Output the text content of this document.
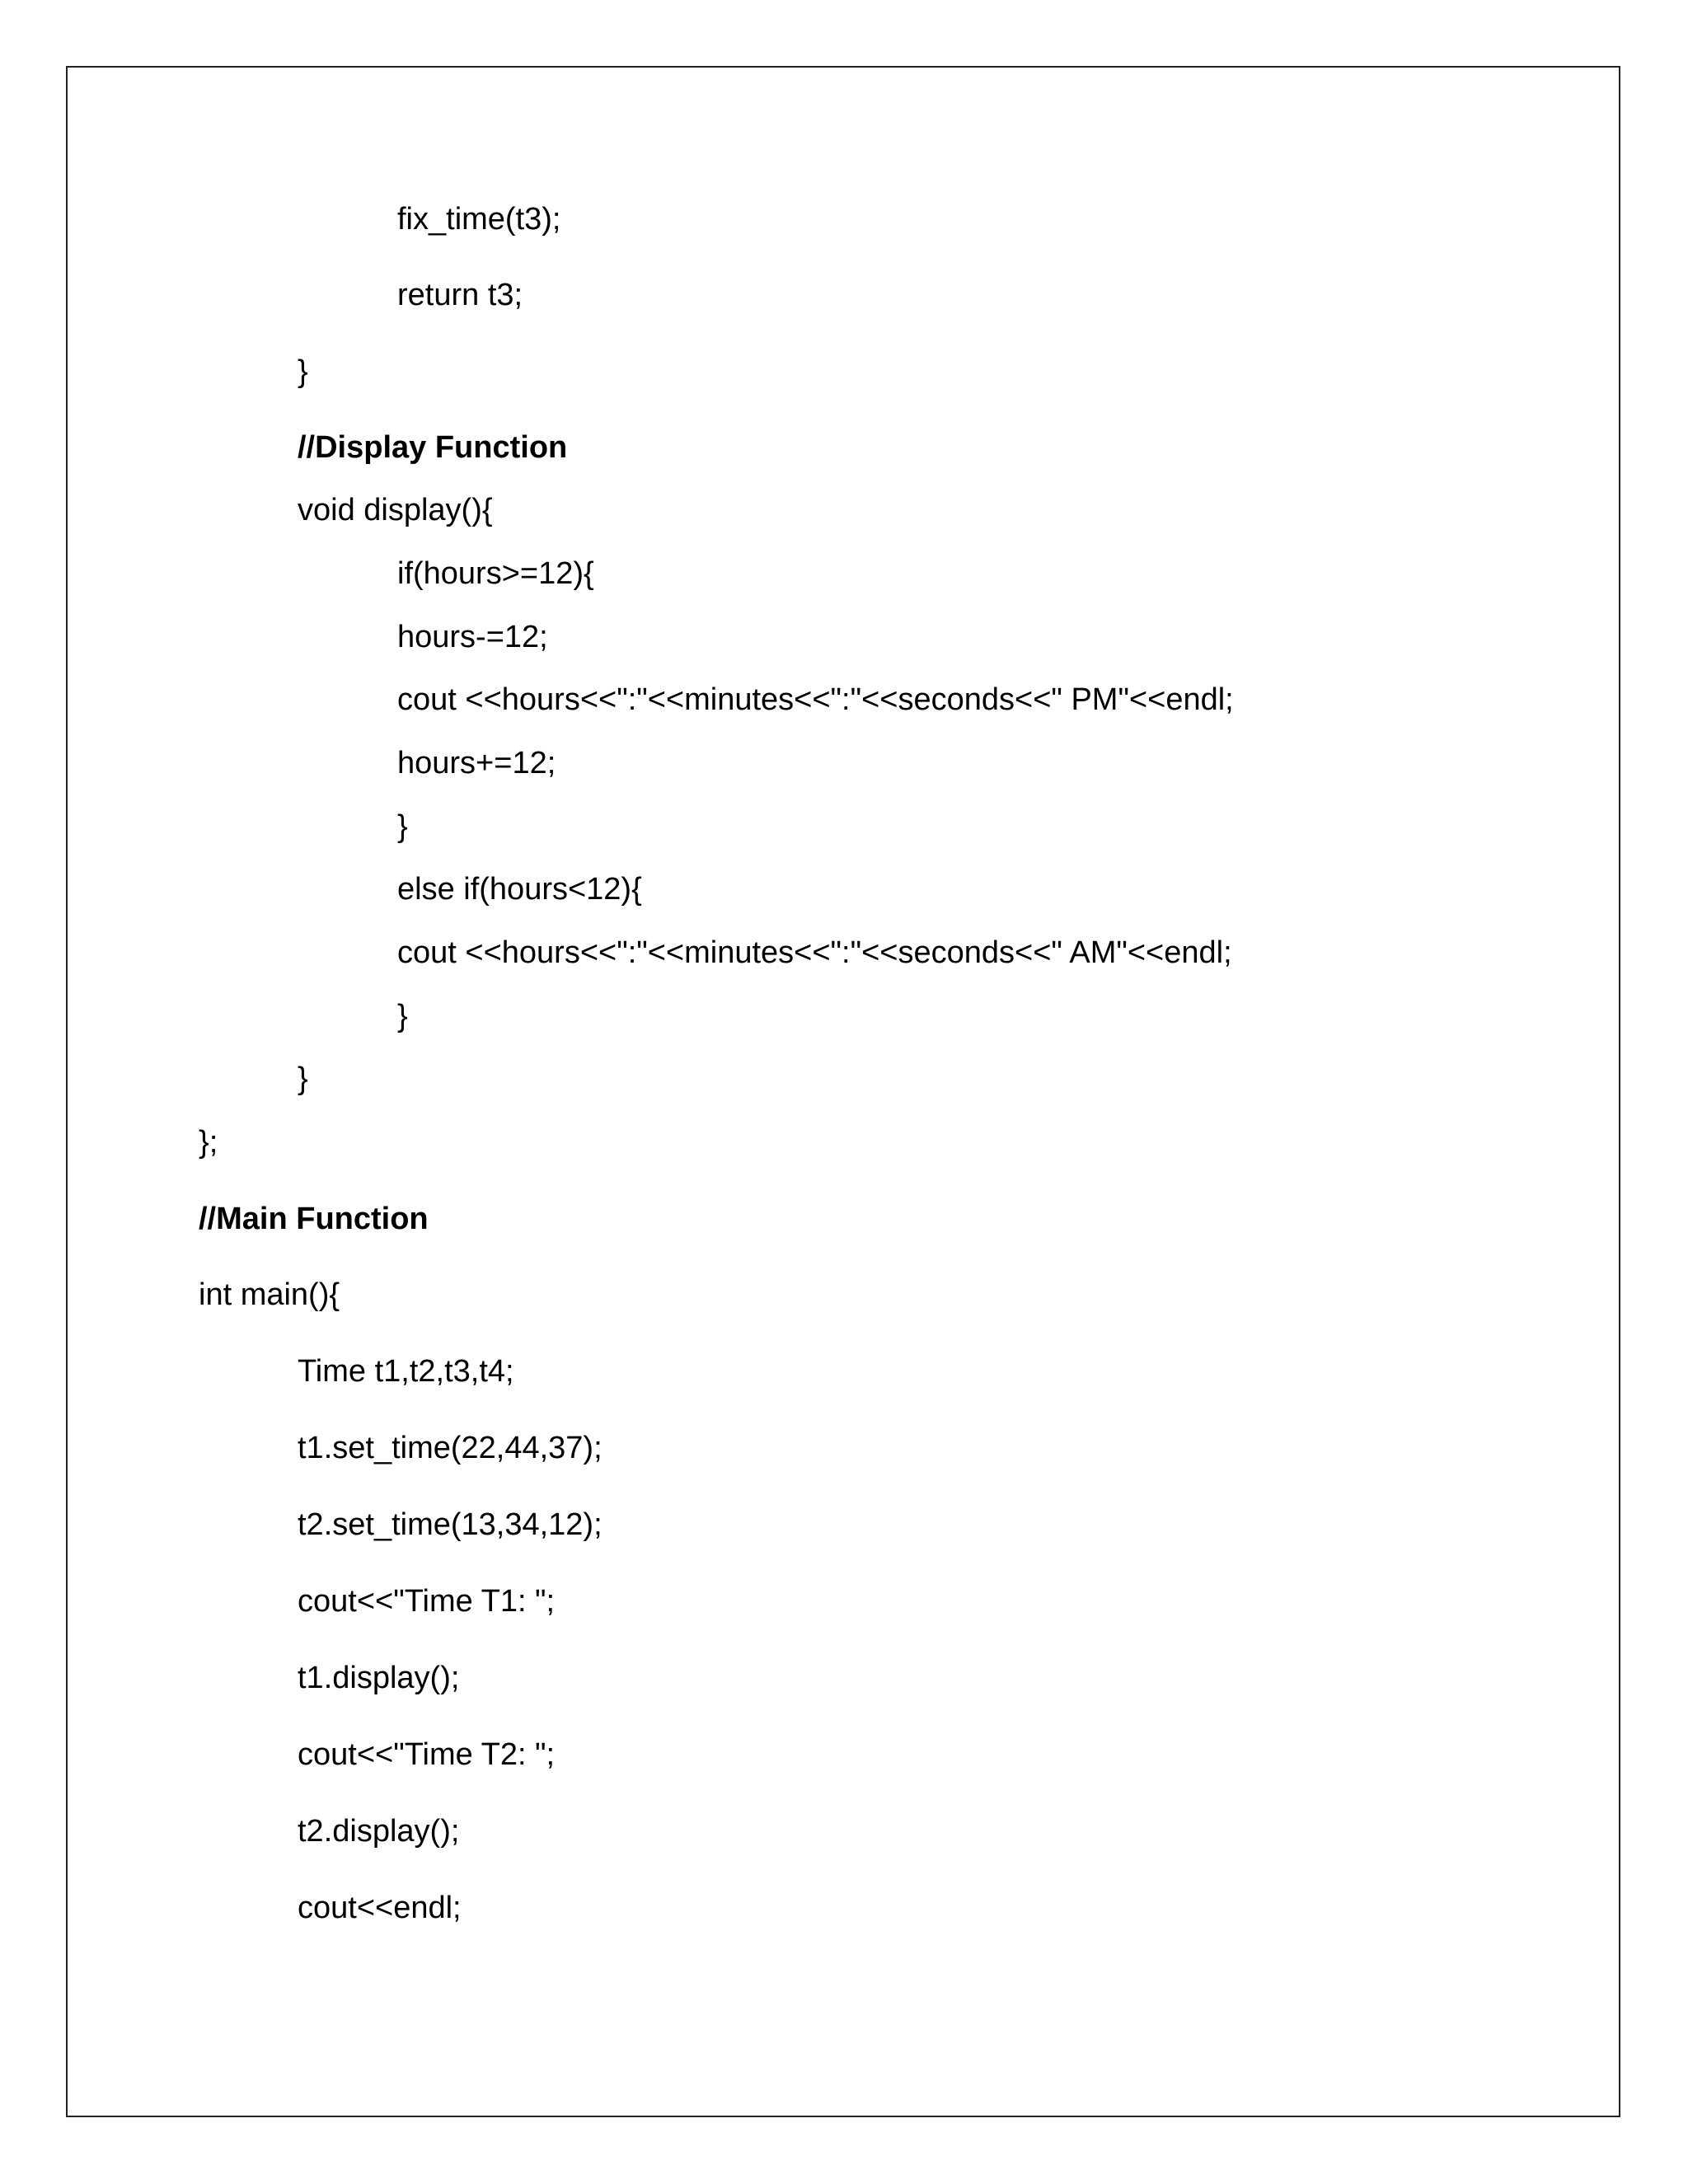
fix_time(t3);
return t3;
}
//Display Function
void display(){
if(hours>=12){
hours-=12;
cout <<hours<<":"<<minutes<<":"<<seconds<<" PM"<<endl;
hours+=12;
}
else if(hours<12){
cout <<hours<<":"<<minutes<<":"<<seconds<<" AM"<<endl;
}
}
};
//Main Function
int main(){
Time t1,t2,t3,t4;
t1.set_time(22,44,37);
t2.set_time(13,34,12);
cout<<"Time T1: ";
t1.display();
cout<<"Time T2: ";
t2.display();
cout<<endl;
